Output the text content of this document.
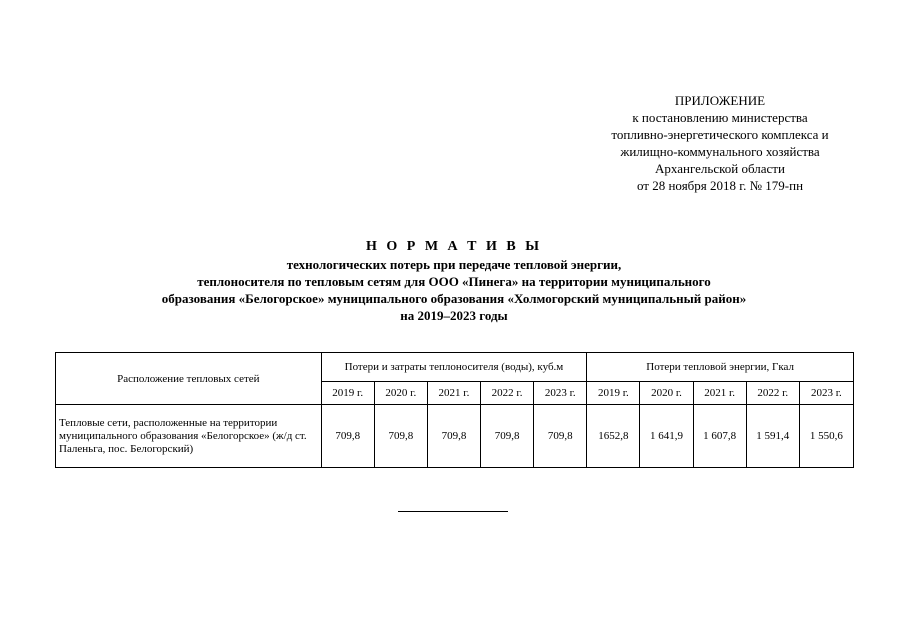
ПРИЛОЖЕНИЕ
к постановлению министерства
топливно-энергетического комплекса и
жилищно-коммунального хозяйства
Архангельской области
от 28 ноября 2018 г. № 179-пн
Н О Р М А Т И В Ы
технологических потерь при передаче тепловой энергии,
теплоносителя по тепловым сетям для ООО «Пинега» на территории муниципального
образования «Белогорское» муниципального образования «Холмогорский муниципальный район»
на 2019–2023 годы
Расположение тепловых сетей	Потери и затраты теплоносителя (воды), куб.м					Потери тепловой энергии, Гкал				
	2019 г.	2020 г.	2021 г.	2022 г.	2023 г.	2019 г.	2020 г.	2021 г.	2022 г.	2023 г.
Тепловые сети, расположенные на территории муниципального образования «Белогорское» (ж/д ст. Паленьга, пос. Белогорский)	709,8	709,8	709,8	709,8	709,8	1652,8	1 641,9	1 607,8	1 591,4	1 550,6
